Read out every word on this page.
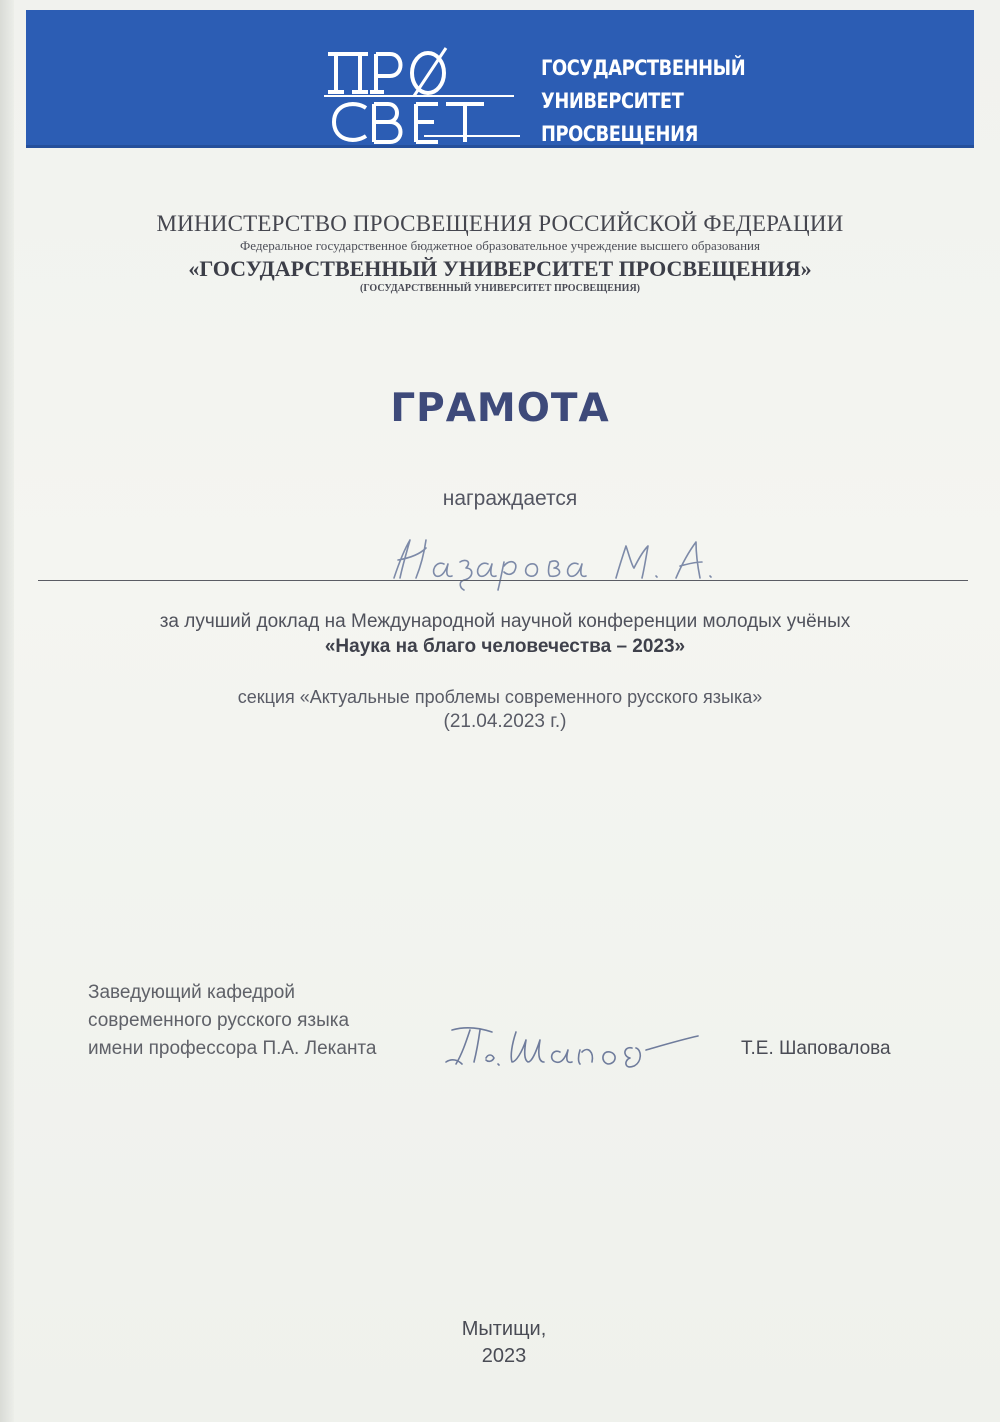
ГОСУДАРСТВЕННЫЙ
УНИВЕРСИТЕТ
ПРОСВЕЩЕНИЯ
МИНИСТЕРСТВО ПРОСВЕЩЕНИЯ РОССИЙСКОЙ ФЕДЕРАЦИИ
Федеральное государственное бюджетное образовательное учреждение высшего образования
«ГОСУДАРСТВЕННЫЙ УНИВЕРСИТЕТ ПРОСВЕЩЕНИЯ»
(ГОСУДАРСТВЕННЫЙ УНИВЕРСИТЕТ ПРОСВЕЩЕНИЯ)
ГРАМОТА
награждается
за лучший доклад на Международной научной конференции молодых учёных
«Наука на благо человечества – 2023»
секция «Актуальные проблемы современного русского языка»
(21.04.2023 г.)
Заведующий кафедрой
современного русского языка
имени профессора П.А. Леканта	Т.Е. Шаповалова
Мытищи,
2023
